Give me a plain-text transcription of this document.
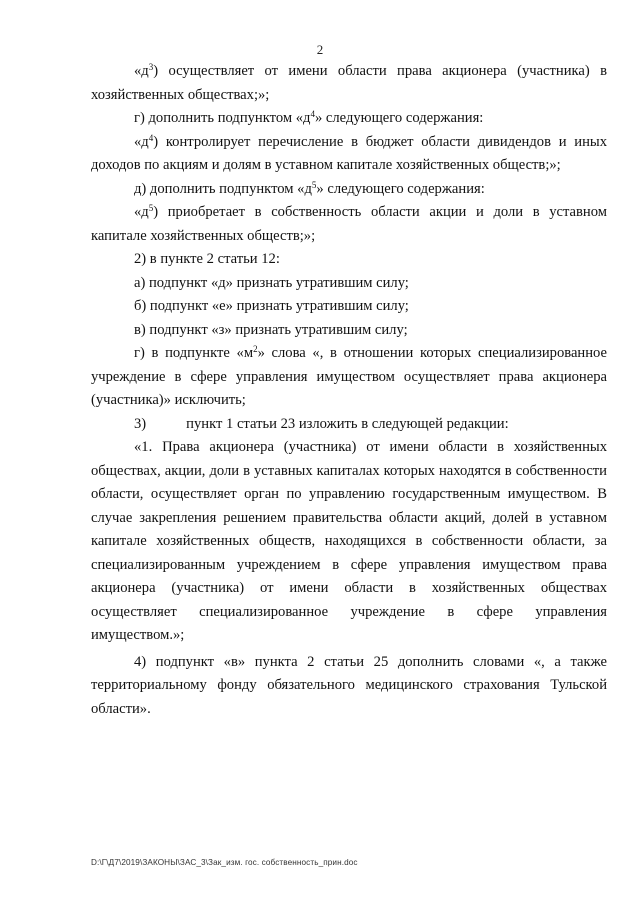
2

«$д^3$) осуществляет от имени области права акционера (участника) в хозяйственных обществах;»;

г) дополнить подпунктом «$д^4$» следующего содержания:

«$д^4$) контролирует перечисление в бюджет области дивидендов и иных доходов по акциям и долям в уставном капитале хозяйственных обществ;»;

д) дополнить подпунктом «$д^5$» следующего содержания:

«$д^5$) приобретает в собственность области акции и доли в уставном капитале хозяйственных обществ;»;

2) в пункте 2 статьи 12:

а) подпункт «д» признать утратившим силу;

б) подпункт «е» признать утратившим силу;

в) подпункт «з» признать утратившим силу;

г) в подпункте «$м^2$» слова «, в отношении которых специализированное учреждение в сфере управления имуществом осуществляет права акционера (участника)» исключить;

3)	пункт 1 статьи 23 изложить в следующей редакции:

«1. Права акционера (участника) от имени области в хозяйственных обществах, акции, доли в уставных капиталах которых находятся в собственности области, осуществляет орган по управлению государственным имуществом. В случае закрепления решением правительства области акций, долей в уставном капитале хозяйственных обществ, находящихся в собственности области, за специализированным учреждением в сфере управления имуществом права акционера (участника) от имени области в хозяйственных обществах осуществляет специализированное учреждение в сфере управления имуществом.»;

4) подпункт «в» пункта 2 статьи 25 дополнить словами «, а также территориальному фонду обязательного медицинского страхования Тульской области».

D:\Г\Д7\2019\ЗАКОНЫ\ЗАС_3\Зак_изм. гос. собственность_прин.doc
